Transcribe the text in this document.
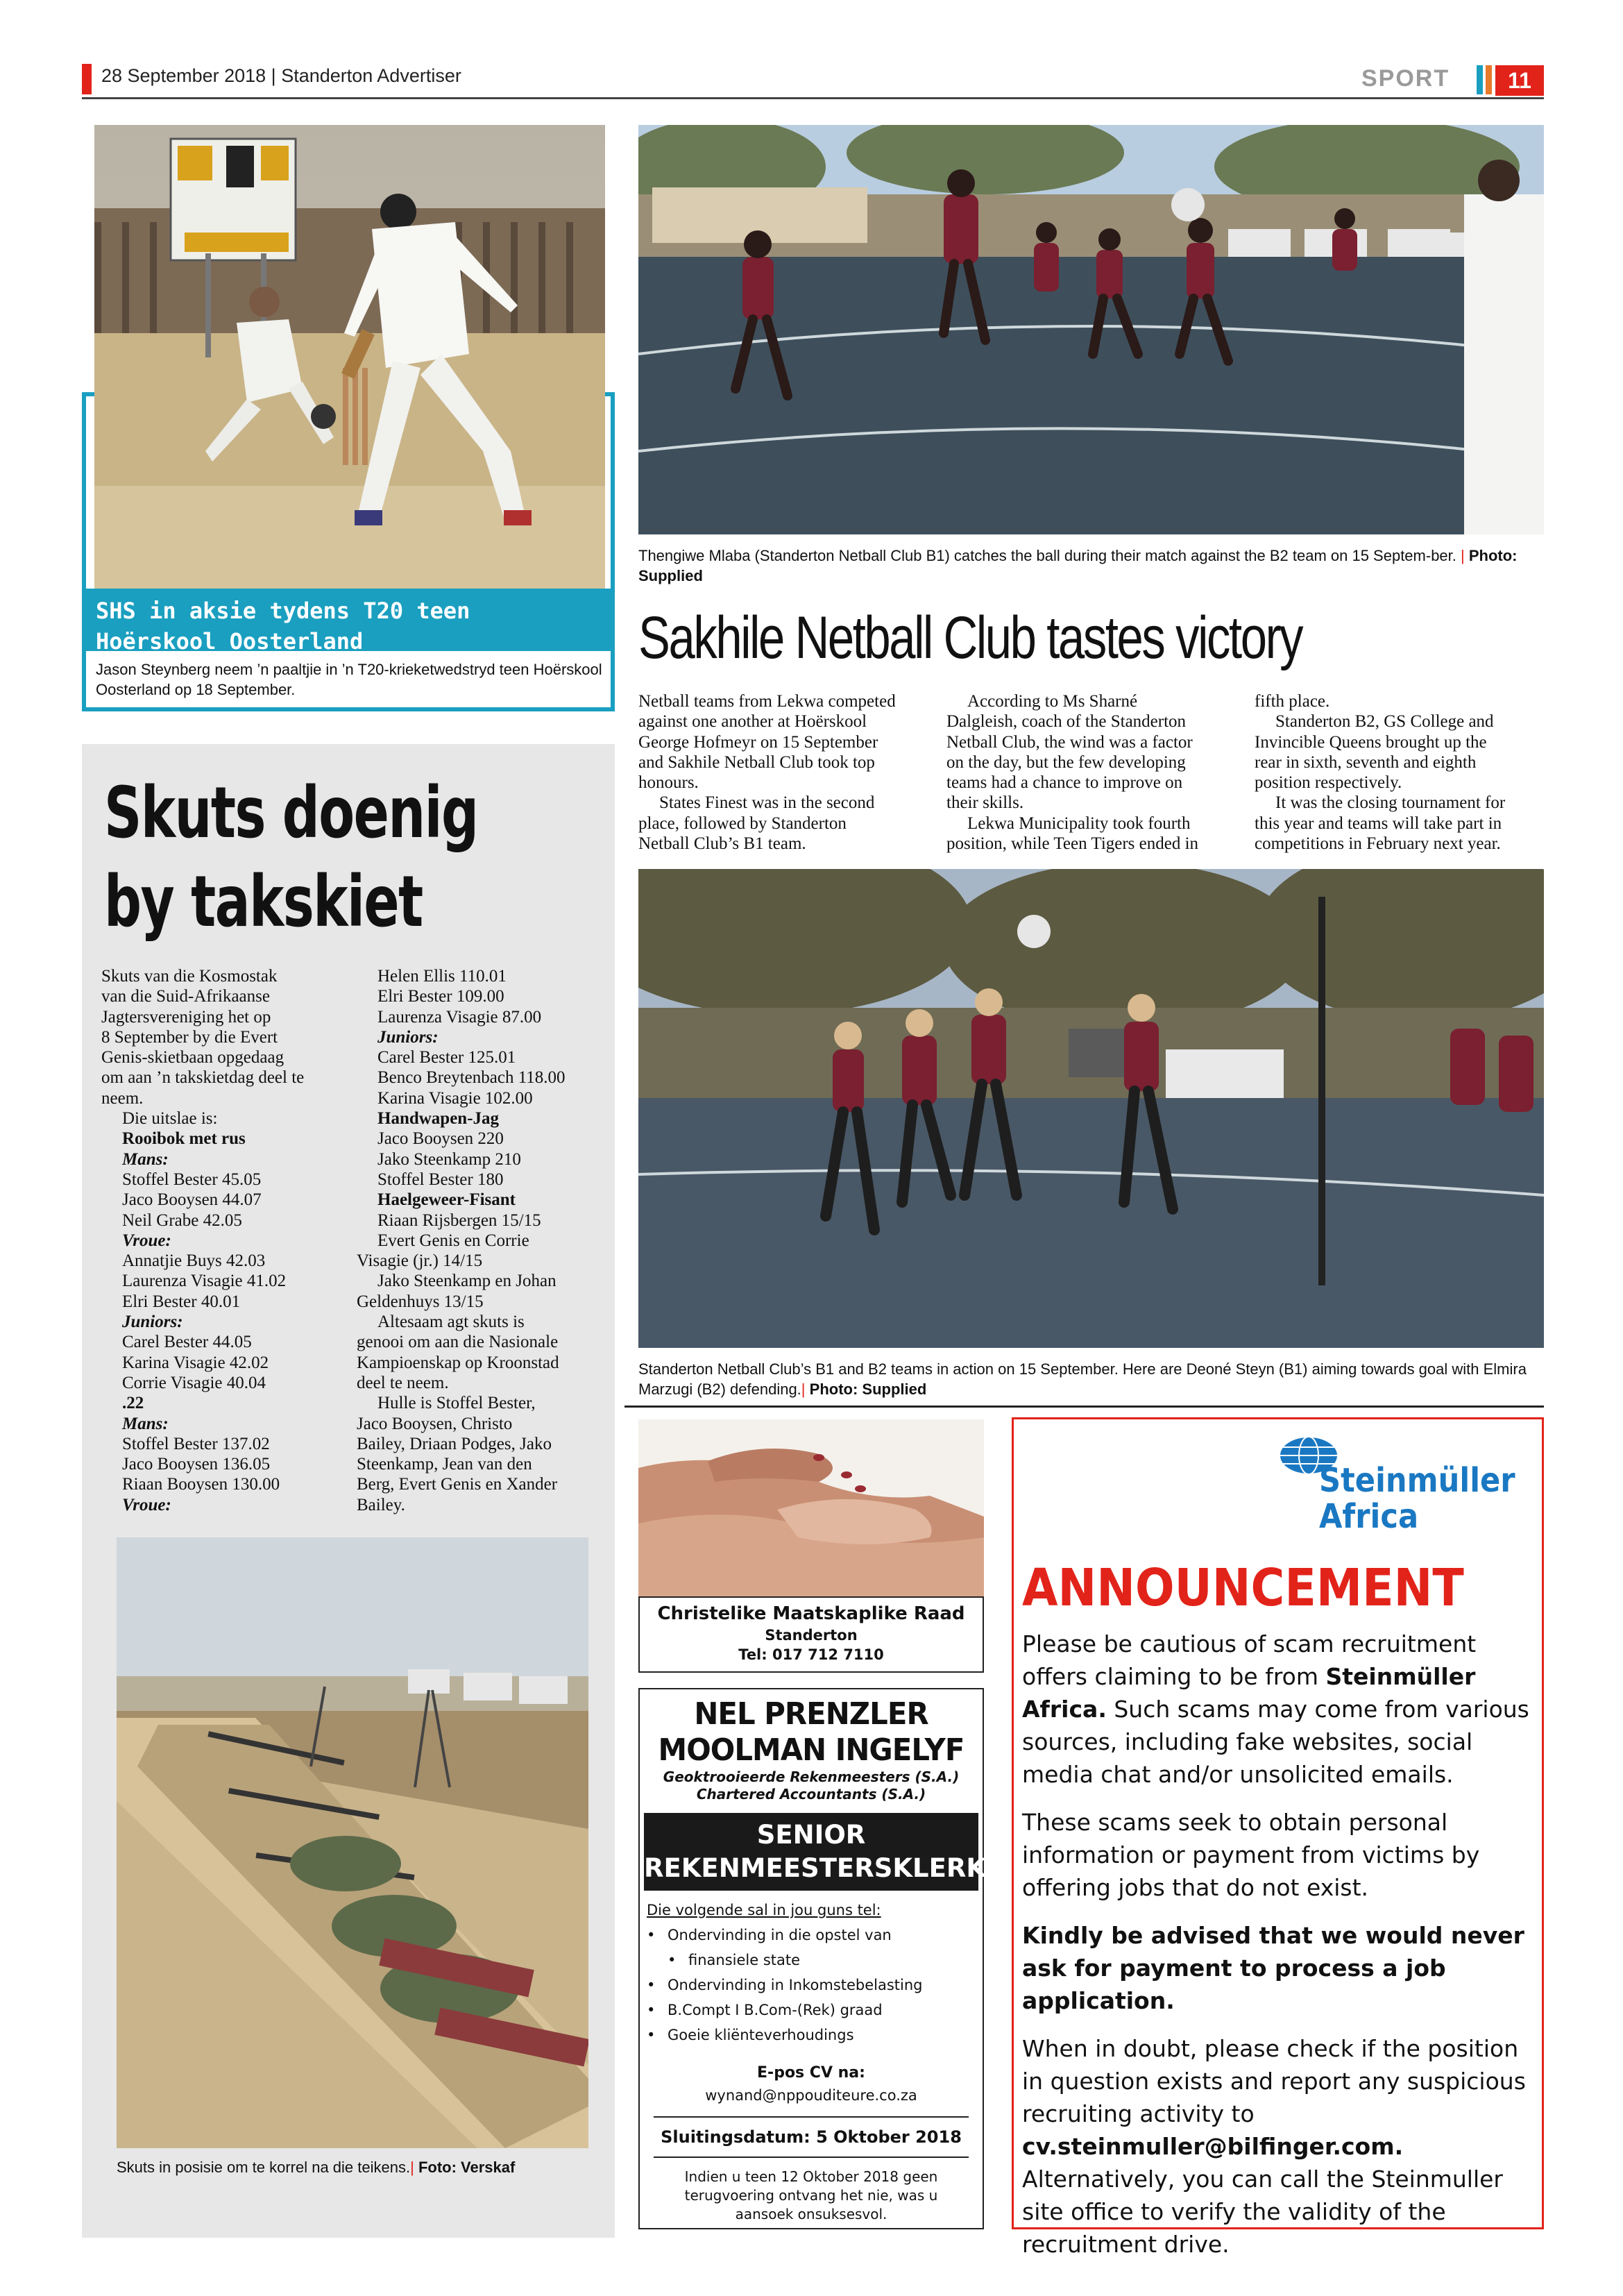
28 September 2018 | Standerton Advertiser	SPORT	11
SHS in aksie tydens T20 teen Hoërskool Oosterland
Jason Steynberg neem ’n paaltjie in ’n T20-krieketwedstryd teen Hoërskool Oosterland op 18 September.
Skuts doenig
by takskiet
Skuts van die Kosmostak
van die Suid-Afrikaanse
Jagtersvereniging het op
8 September by die Evert
Genis-skietbaan opgedaag
om aan ’n takskietdag deel te
neem.
Die uitslae is:
Rooibok met rus
Mans:
Stoffel Bester 45.05
Jaco Booysen 44.07
Neil Grabe 42.05
Vroue:
Annatjie Buys 42.03
Laurenza Visagie 41.02
Elri Bester 40.01
Juniors:
Carel Bester 44.05
Karina Visagie 42.02
Corrie Visagie 40.04
.22
Mans:
Stoffel Bester 137.02
Jaco Booysen 136.05
Riaan Booysen 130.00
Vroue:
Helen Ellis 110.01
Elri Bester 109.00
Laurenza Visagie 87.00
Juniors:
Carel Bester 125.01
Benco Breytenbach 118.00
Karina Visagie 102.00
Handwapen-Jag
Jaco Booysen 220
Jako Steenkamp 210
Stoffel Bester 180
Haelgeweer-Fisant
Riaan Rijsbergen 15/15
Evert Genis en Corrie
Visagie (jr.) 14/15
Jako Steenkamp en Johan
Geldenhuys 13/15
Altesaam agt skuts is
genooi om aan die Nasionale
Kampioenskap op Kroonstad
deel te neem.
Hulle is Stoffel Bester,
Jaco Booysen, Christo
Bailey, Driaan Podges, Jako
Steenkamp, Jean van den
Berg, Evert Genis en Xander
Bailey.
Skuts in posisie om te korrel na die teikens.| Foto: Verskaf
Thengiwe Mlaba (Standerton Netball Club B1) catches the ball during their match against the B2 team on 15 Septem-ber. | Photo: Supplied
Sakhile Netball Club tastes victory
Netball teams from Lekwa competed
against one another at Hoërskool
George Hofmeyr on 15 September
and Sakhile Netball Club took top
honours.
States Finest was in the second
place, followed by Standerton
Netball Club’s B1 team.
According to Ms Sharné
Dalgleish, coach of the Standerton
Netball Club, the wind was a factor
on the day, but the few developing
teams had a chance to improve on
their skills.
Lekwa Municipality took fourth
position, while Teen Tigers ended in
fifth place.
Standerton B2, GS College and
Invincible Queens brought up the
rear in sixth, seventh and eighth
position respectively.
It was the closing tournament for
this year and teams will take part in
competitions in February next year.
Standerton Netball Club’s B1 and B2 teams in action on 15 September. Here are Deoné Steyn (B1) aiming towards goal with Elmira Marzugi (B2) defending.| Photo: Supplied
Christelike Maatskaplike Raad
Standerton
Tel: 017 712 7110
NEL PRENZLER
MOOLMAN INGELYF
Geoktrooieerde Rekenmeesters (S.A.)
Chartered Accountants (S.A.)
SENIOR
REKENMEESTERSKLERK
Die volgende sal in jou guns tel:
• Ondervinding in die opstel van
• finansiele state
• Ondervinding in Inkomstebelasting
• B.Compt I B.Com-(Rek) graad
• Goeie kliënteverhoudings
E-pos CV na:
wynand@nppouditeure.co.za
Sluitingsdatum: 5 Oktober 2018
Indien u teen 12 Oktober 2018 geen terugvoering ontvang het nie, was u aansoek onsuksesvol.
Steinmüller
Africa
ANNOUNCEMENT

Please be cautious of scam recruitment offers claiming to be from Steinmüller Africa. Such scams may come from various sources, including fake websites, social media chat and/or unsolicited emails.

These scams seek to obtain personal information or payment from victims by offering jobs that do not exist.

Kindly be advised that we would never ask for payment to process a job application.

When in doubt, please check if the position in question exists and report any suspicious recruiting activity to cv.steinmuller@bilfinger.com. Alternatively, you can call the Steinmuller site office to verify the validity of the recruitment drive.
